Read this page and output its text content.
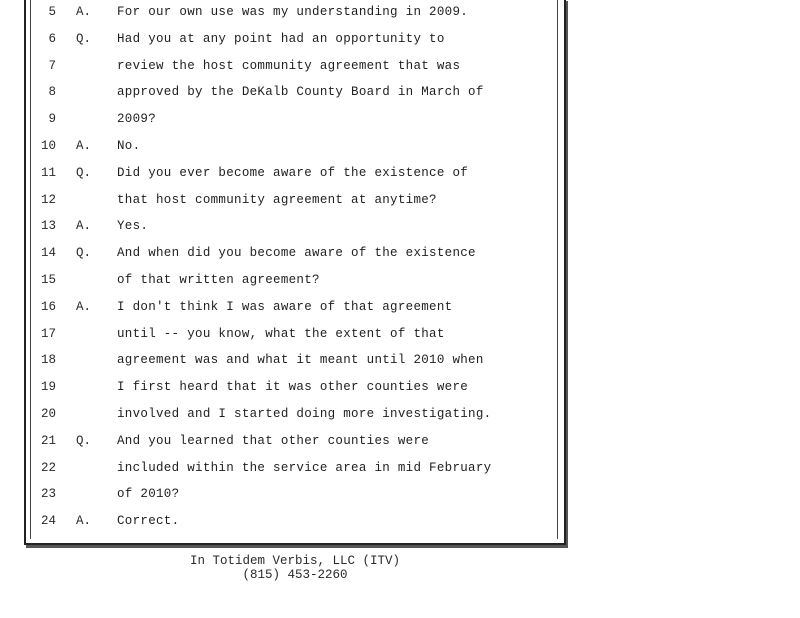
5 A. For our own use was my understanding in 2009.
6 Q. Had you at any point had an opportunity to
7	review the host community agreement that was
8	approved by the DeKalb County Board in March of
9	2009?
10 A. No.
11 Q. Did you ever become aware of the existence of
12	that host community agreement at anytime?
13 A. Yes.
14 Q. And when did you become aware of the existence
15	of that written agreement?
16 A. I don't think I was aware of that agreement
17	until -- you know, what the extent of that
18	agreement was and what it meant until 2010 when
19	I first heard that it was other counties were
20	involved and I started doing more investigating.
21 Q. And you learned that other counties were
22	included within the service area in mid February
23	of 2010?
24 A. Correct.
In Totidem Verbis, LLC (ITV)
(815) 453-2260
